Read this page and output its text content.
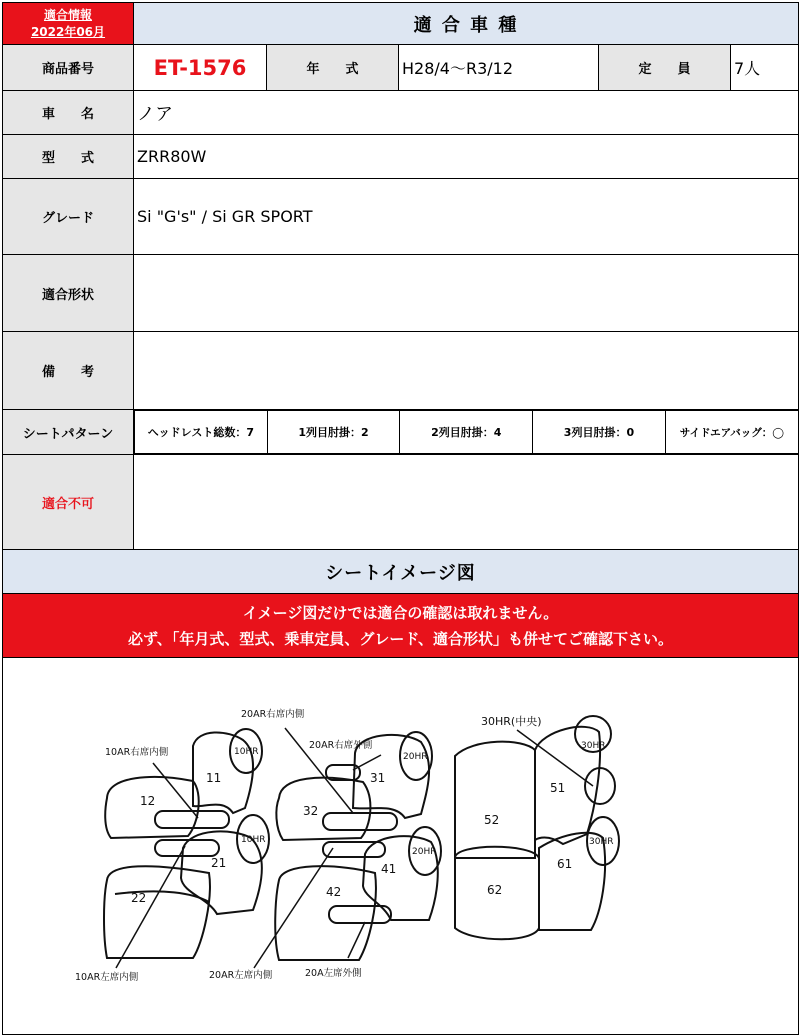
適合情報
2022年06月	適 合 車 種
商品番号	ET-1576	年　　式	H28/4〜R3/12	定　　員	7人
車　　名	ノア
型　　式	ZRR80W
グレード	Si "G's" / Si GR SPORT
適合形状	
備　　考	
シートパターン		ヘッドレスト総数：7	1列目肘掛：2	2列目肘掛：4	3列目肘掛：0	サイドエアバッグ：◯

適合不可	
シートイメージ図

イメージ図だけでは適合の確認は取れません。
必ず、「年月式、型式、乗車定員、グレード、適合形状」も併せてご確認下さい。

11
12
21
22
31
32
41
42
51
52
61
62
10HR
10HR
20HR
20HR
30HR
30HR
10AR右席内側
20AR右席内側
20AR右席外側
30HR(中央)
10AR左席内側	20AR左席内側	20A左席外側
